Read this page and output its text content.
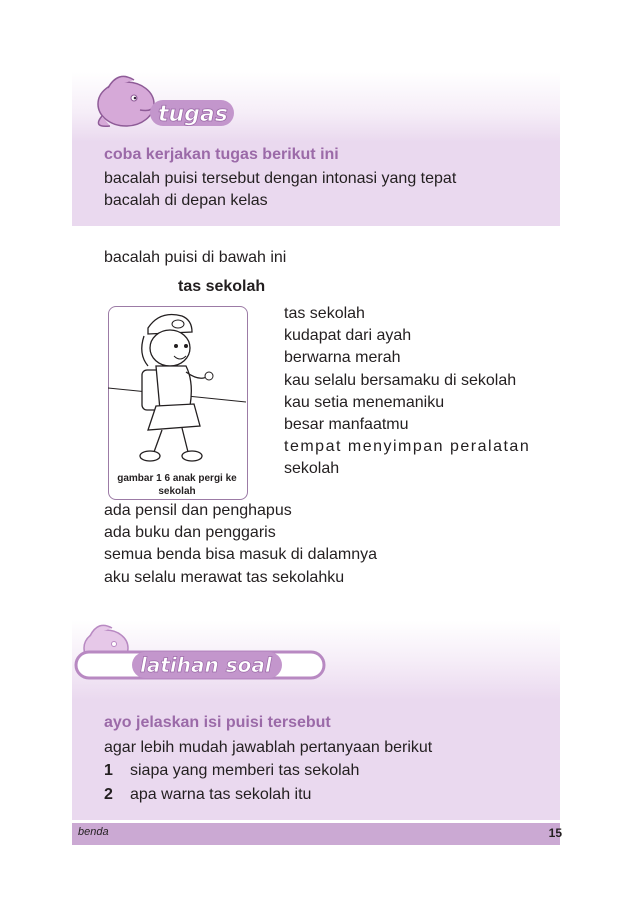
tugas
coba kerjakan tugas berikut ini
bacalah puisi tersebut dengan intonasi yang tepat
bacalah di depan kelas
bacalah puisi di bawah ini
tas sekolah
gambar 1 6 anak pergi ke
sekolah
tas sekolah
kudapat dari ayah
berwarna merah
kau selalu bersamaku di sekolah
kau setia menemaniku
besar manfaatmu
tempat menyimpan peralatan
sekolah
ada pensil dan penghapus
ada buku dan penggaris
semua benda bisa masuk di dalamnya
aku selalu merawat tas sekolahku
latihan soal
ayo jelaskan isi puisi tersebut
agar lebih mudah jawablah pertanyaan berikut
1 siapa yang memberi tas sekolah
2 apa warna tas sekolah itu
benda	15
